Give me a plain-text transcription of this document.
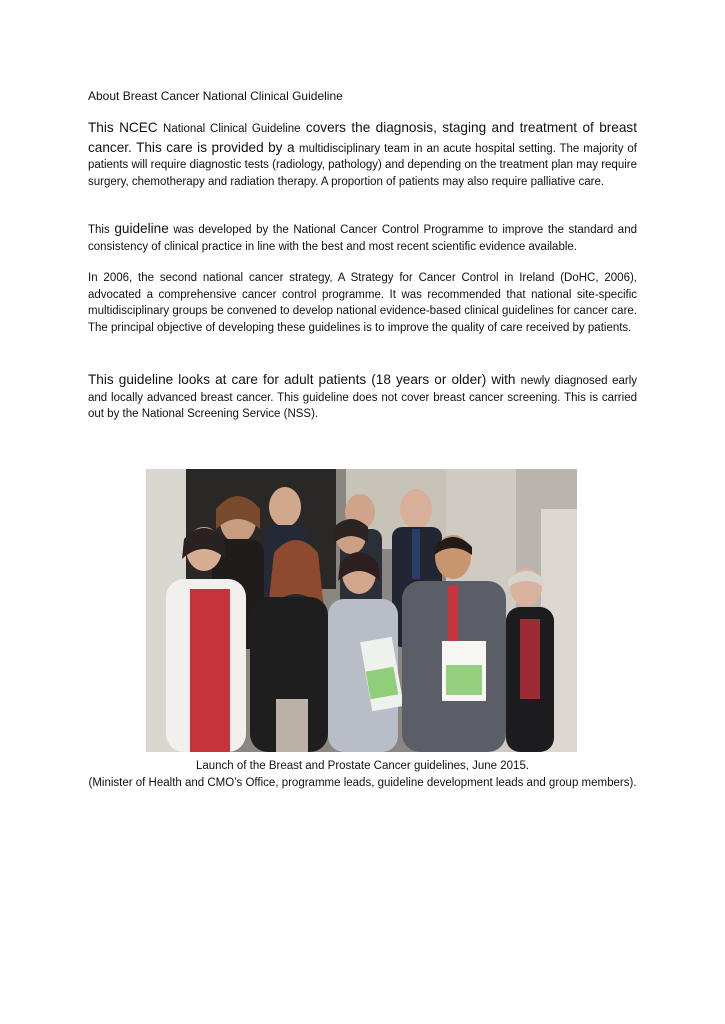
About Breast Cancer National Clinical Guideline
This NCEC National Clinical Guideline covers the diagnosis, staging and treatment of breast cancer. This care is provided by a multidisciplinary team in an acute hospital setting. The majority of patients will require diagnostic tests (radiology, pathology) and depending on the treatment plan may require surgery, chemotherapy and radiation therapy. A proportion of patients may also require palliative care.
This guideline was developed by the National Cancer Control Programme to improve the standard and consistency of clinical practice in line with the best and most recent scientific evidence available.
In 2006, the second national cancer strategy, A Strategy for Cancer Control in Ireland (DoHC, 2006), advocated a comprehensive cancer control programme. It was recommended that national site-specific multidisciplinary groups be convened to develop national evidence-based clinical guidelines for cancer care. The principal objective of developing these guidelines is to improve the quality of care received by patients.
This guideline looks at care for adult patients (18 years or older) with newly diagnosed early and locally advanced breast cancer. This guideline does not cover breast cancer screening. This is carried out by the National Screening Service (NSS).
Launch of the Breast and Prostate Cancer guidelines, June 2015.
(Minister of Health and CMO’s Office, programme leads, guideline development leads and group members).
